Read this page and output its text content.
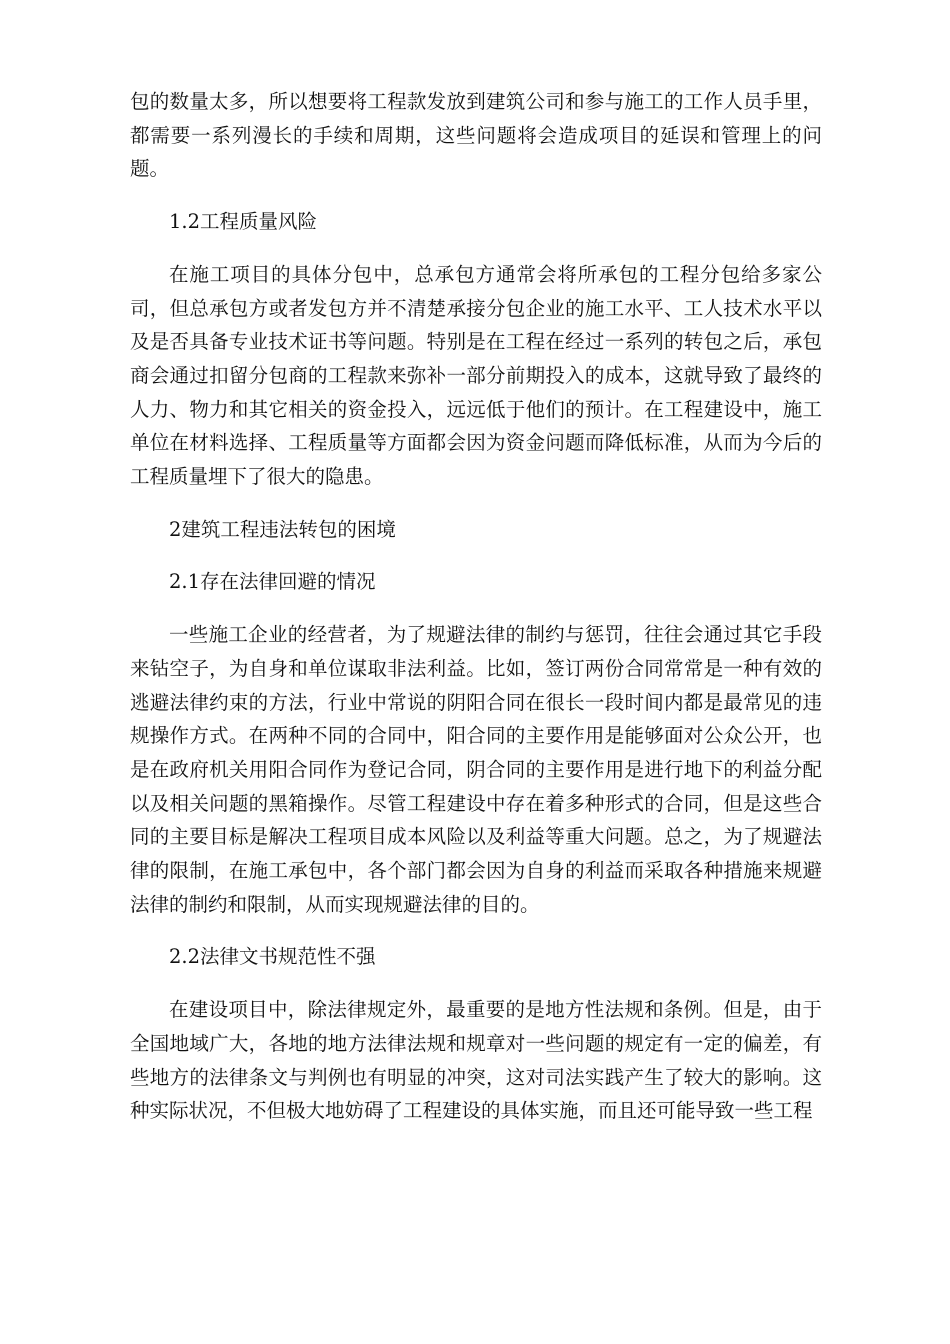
包的数量太多，所以想要将工程款发放到建筑公司和参与施工的工作人员手里，都需要一系列漫长的手续和周期，这些问题将会造成项目的延误和管理上的问题。

1.2工程质量风险

在施工项目的具体分包中，总承包方通常会将所承包的工程分包给多家公司，但总承包方或者发包方并不清楚承接分包企业的施工水平、工人技术水平以及是否具备专业技术证书等问题。特别是在工程在经过一系列的转包之后，承包商会通过扣留分包商的工程款来弥补一部分前期投入的成本，这就导致了最终的人力、物力和其它相关的资金投入，远远低于他们的预计。在工程建设中，施工单位在材料选择、工程质量等方面都会因为资金问题而降低标准，从而为今后的工程质量埋下了很大的隐患。

2建筑工程违法转包的困境

2.1存在法律回避的情况

一些施工企业的经营者，为了规避法律的制约与惩罚，往往会通过其它手段来钻空子，为自身和单位谋取非法利益。比如，签订两份合同常常是一种有效的逃避法律约束的方法，行业中常说的阴阳合同在很长一段时间内都是最常见的违规操作方式。在两种不同的合同中，阳合同的主要作用是能够面对公众公开，也是在政府机关用阳合同作为登记合同，阴合同的主要作用是进行地下的利益分配以及相关问题的黑箱操作。尽管工程建设中存在着多种形式的合同，但是这些合同的主要目标是解决工程项目成本风险以及利益等重大问题。总之，为了规避法律的限制，在施工承包中，各个部门都会因为自身的利益而采取各种措施来规避法律的制约和限制，从而实现规避法律的目的。

2.2法律文书规范性不强

在建设项目中，除法律规定外，最重要的是地方性法规和条例。但是，由于全国地域广大，各地的地方法律法规和规章对一些问题的规定有一定的偏差，有些地方的法律条文与判例也有明显的冲突，这对司法实践产生了较大的影响。这种实际状况，不但极大地妨碍了工程建设的具体实施，而且还可能导致一些工程
